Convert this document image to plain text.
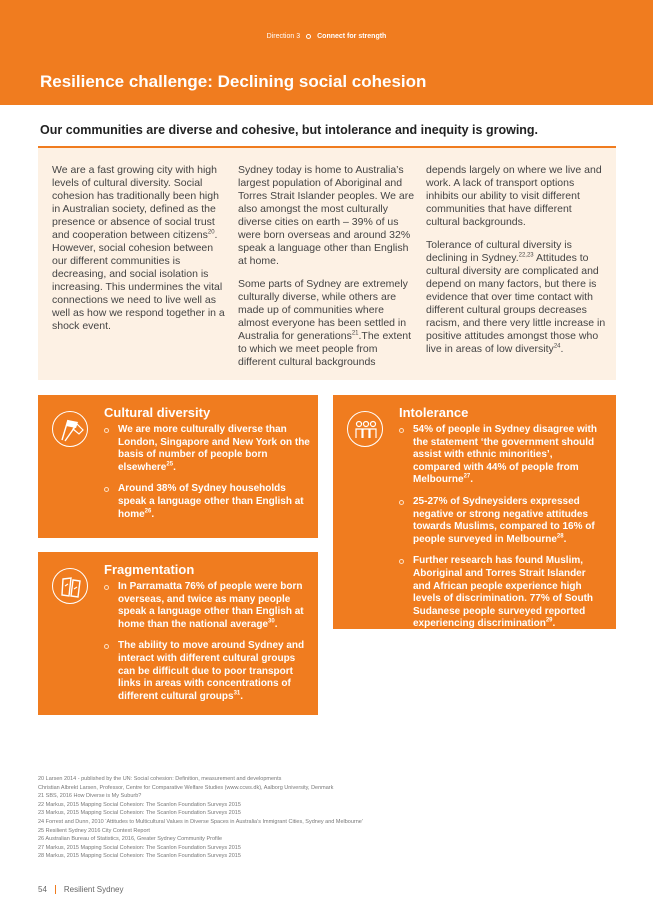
Direction 3 Connect for strength
Resilience challenge: Declining social cohesion
Our communities are diverse and cohesive, but intolerance and inequity is growing.

We are a fast growing city with high levels of cultural diversity. Social cohesion has traditionally been high in Australian society, defined as the presence or absence of social trust and cooperation between citizens$^{20}$. However, social cohesion between our different communities is decreasing, and social isolation is increasing. This undermines the vital connections we need to live well as well as how we respond together in a shock event.

Sydney today is home to Australia’s largest population of Aboriginal and Torres Strait Islander peoples. We are also amongst the most culturally diverse cities on earth – 39% of us were born overseas and around 32% speak a language other than English at home.

Some parts of Sydney are extremely culturally diverse, while others are made up of communities where almost everyone has been settled in Australia for generations$^{21}$.The extent to which we meet people from different cultural backgrounds

depends largely on where we live and work. A lack of transport options inhibits our ability to visit different communities that have different cultural backgrounds.

Tolerance of cultural diversity is declining in Sydney.$^{22,23}$ Attitudes to cultural diversity are complicated and depend on many factors, but there is evidence that over time contact with different cultural groups decreases racism, and there very little increase in positive attitudes amongst those who live in areas of low diversity$^{24}$.

Cultural diversity
We are more culturally diverse than London, Singapore and New York on the basis of number of people born elsewhere$^{25}$.
Around 38% of Sydney households speak a language other than English at home$^{26}$.
Fragmentation
In Parramatta 76% of people were born overseas, and twice as many people speak a language other than English at home than the national average$^{30}$.
The ability to move around Sydney and interact with different cultural groups can be difficult due to poor transport links in areas with concentrations of different cultural groups$^{31}$.
Intolerance
54% of people in Sydney disagree with the statement ‘the government should assist with ethnic minorities’, compared with 44% of people from Melbourne$^{27}$.
25-27% of Sydneysiders expressed negative or strong negative attitudes towards Muslims, compared to 16% of people surveyed in Melbourne$^{28}$.
Further research has found Muslim, Aboriginal and Torres Strait Islander and African people experience high levels of discrimination. 77% of South Sudanese people surveyed reported experiencing discrimination$^{29}$.
20 Larsen 2014 - published by the UN: Social cohesion: Definition, measurement and developments
Christian Albrekt Larsen, Professor, Centre for Comparative Welfare Studies (www.ccws.dk), Aalborg University, Denmark
21 SBS, 2016 How Diverse is My Suburb?
22 Markus, 2015 Mapping Social Cohesion: The Scanlon Foundation Surveys 2015
23 Markus, 2015 Mapping Social Cohesion: The Scanlon Foundation Surveys 2015
24 Forrest and Dunn, 2010 ‘Attitudes to Multicultural Values in Diverse Spaces in Australia’s Immigrant Cities, Sydney and Melbourne’
25 Resilient Sydney 2016 City Context Report
26 Australian Bureau of Statistics, 2016, Greater Sydney Community Profile
27 Markus, 2015 Mapping Social Cohesion: The Scanlon Foundation Surveys 2015
28 Markus, 2015 Mapping Social Cohesion: The Scanlon Foundation Surveys 2015
54 Resilient Sydney
